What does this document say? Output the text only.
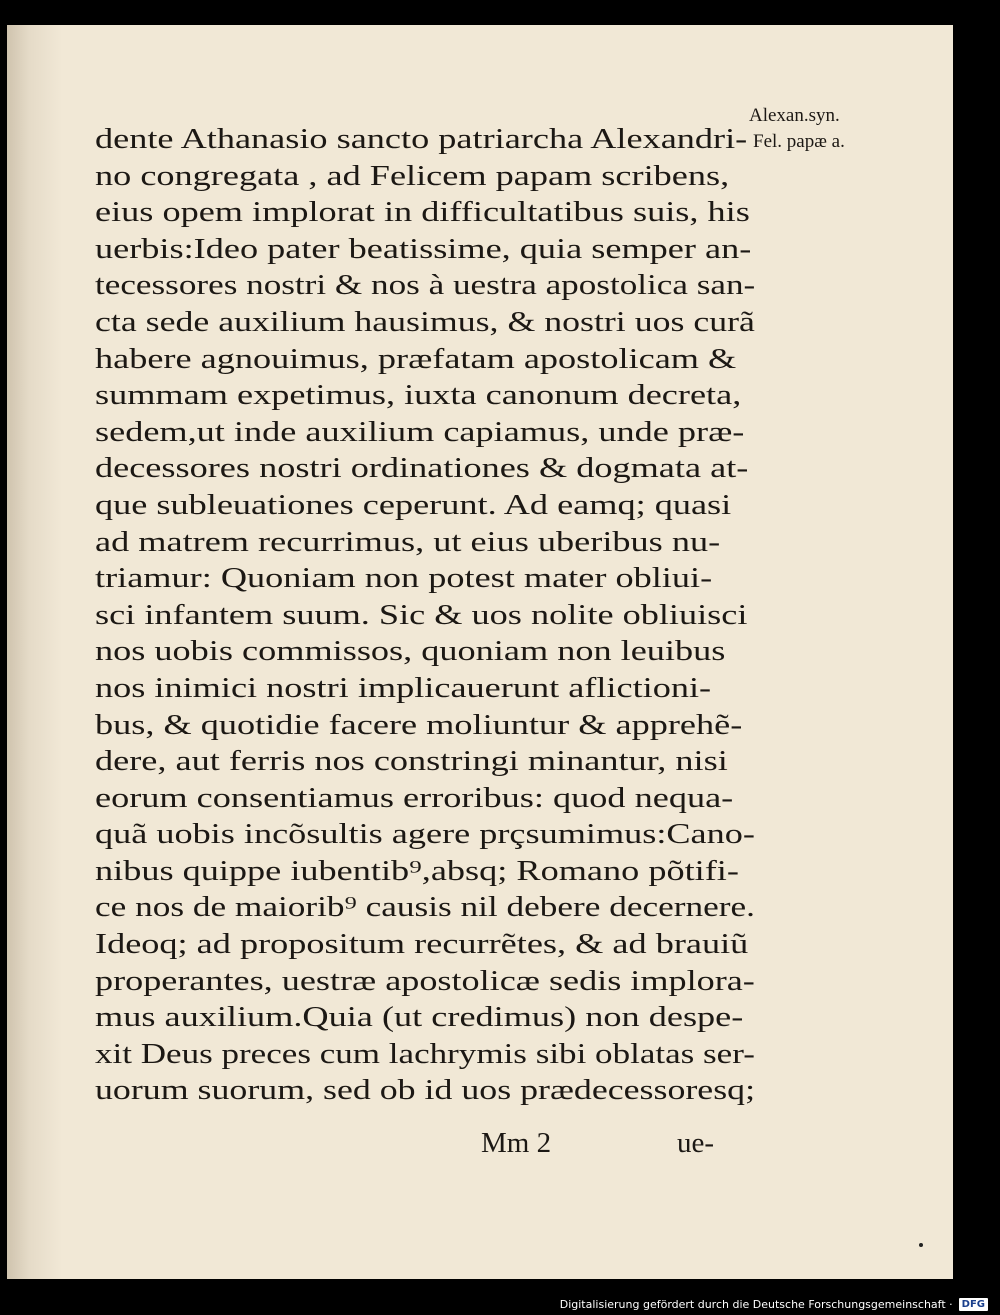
dente Athanasio sancto patriarcha Alexandri-
no congregata , ad Felicem papam scribens,
eius opem implorat in difficultatibus suis, his
uerbis:Ideo pater beatissime, quia semper an-
tecessores nostri & nos à uestra apostolica san-
cta sede auxilium hausimus, & nostri uos curã
habere agnouimus, præfatam apostolicam &
summam expetimus, iuxta canonum decreta,
sedem,ut inde auxilium capiamus, unde præ-
decessores nostri ordinationes & dogmata at-
que subleuationes ceperunt. Ad eamq; quasi
ad matrem recurrimus, ut eius uberibus nu-
triamur: Quoniam non potest mater obliui-
sci infantem suum. Sic & uos nolite obliuisci
nos uobis commissos, quoniam non leuibus
nos inimici nostri implicauerunt aflictioni-
bus, & quotidie facere moliuntur & apprehẽ-
dere, aut ferris nos constringi minantur, nisi
eorum consentiamus erroribus: quod nequa-
quã uobis incõsultis agere prçsumimus:Cano-
nibus quippe iubentib⁹,absq; Romano põtifi-
ce nos de maiorib⁹ causis nil debere decernere.
Ideoq; ad propositum recurrẽtes, & ad brauiũ
properantes, uestræ apostolicæ sedis implora-
mus auxilium.Quia (ut credimus) non despe-
xit Deus preces cum lachrymis sibi oblatas ser-
uorum suorum, sed ob id uos prædecessoresq;
Mm 2	ue-
Alexan.syn.
Fel. papæ a.
Digitalisierung gefördert durch die Deutsche Forschungsgemeinschaft · DFG
